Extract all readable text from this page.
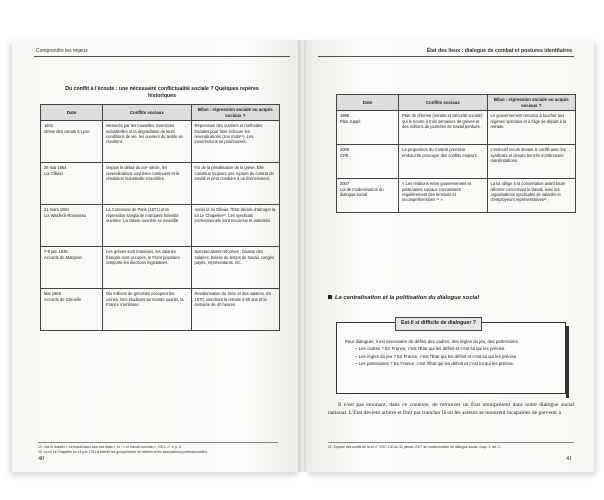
Comprendre les enjeux
Du conflit à l'écoute : une nécessaire conflictualité sociale ? Quelques repères historiques
Date	Conflits sociaux	Bilan : répression sociale ou acquis sociaux ?

1831
Grève des canuts à Lyon	Menacés par les nouvelles inventions industrielles et la dégradation de leurs conditions de vie, les ouvriers du textile se révoltent.	Répression des ouvriers et méthodes brutales pour faire échouer les revendications (zoo mots¹⁹). Les insurrections se poursuivent.

25 mai 1864
Loi Ollivier	Depuis le début du xixᵉ siècle, les revendications ouvrières continuent et la révolution industrielle s'accélère.	Fin de la pénalisation de la grève. Elle constitue toujours une rupture du contrat de travail et peut conduire à un licenciement.

21 mars 1884
Loi Waldeck-Rousseau	La Commune de Paris (1871) et la répression sanglante marquent l'identité ouvrière. La classe ouvrière se massifie.	Après la loi Ollivier, l'État décide d'abroger la loi Le Chapelier²⁰. Les syndicats professionnels sont reconnus et autorisés.

7-8 juin 1936
Accords de Matignon	Les grèves sont massives, les salariés français sont occupés, le Front populaire remporte les élections législatives.	Spectaculaires réformes : hausse des salaires, baisse du temps de travail, congés payés, représentants, etc.

Mai 1968
Accords de Grenelle	Dix millions de grévistes occupent les usines. Des étudiants au monde ouvrier, la France s'embrase.	Revalorisation du Smic et des salaires. En 1970, viendront la retraite à 60 ans et la semaine de 40 heures.
19. Voir le dossier « Le travail dans tous ses états », in : « Le travail nouveau », 2014, n° 4, p. 5.
20. La loi Le Chapelier du 14 juin 1791 a interdit les groupements de métiers et les associations professionnelles.
40
État des lieux : dialogue de combat et postures identitaires
Date	Conflits sociaux	Bilan : répression sociale ou acquis sociaux ?

1995
Plan Juppé	Plan de réforme (retraite et Sécurité sociale) qui le heurte à trois semaines de grèves et des millions de journées de travail perdues.	Le gouvernement renonce à toucher aux régimes spéciaux et à l'âge de départ à la retraite.

2006
CPE	La proposition du Contrat première embauche provoque des conflits majeurs.	L'exécutif recule devant le conflit avec les syndicats et devant les très nombreuses manifestations.

2007
Loi de modernisation du dialogue social	« Les relations entre gouvernement et partenaires sociaux connaissent régulièrement des tensions et incompréhensions ²¹ ».	La loi oblige à la concertation avant toute réforme concernant le travail, avec les organisations syndicales de salariés et d'employeurs représentatives²¹.
La centralisation et la politisation du dialogue social
Est-il si difficile de dialoguer ?

Pour dialoguer, il est nécessaire de définir des cadres, des règles du jeu, des partenaires.

– Les cadres ? En France, c'est l'État qui les définit et c'est lui qui les précise.

– Les règles du jeu ? En France, c'est l'État qui les définit et c'est lui qui les précise.

– Les partenaires ? En France, c'est l'État qui les définit et c'est lui qui les précise.

Il n'est pas étonnant, dans ce contexte, de retrouver un État omniprésent dans notre dialogue social national. L'État devient arbitre et finit par trancher là où les acteurs se montrent incapables de parvenir à

21. Exposé des motifs de la loi n° 2007-130 du 31 janvier 2007 de modernisation du dialogue social, chap. 1, art. 1.
41
